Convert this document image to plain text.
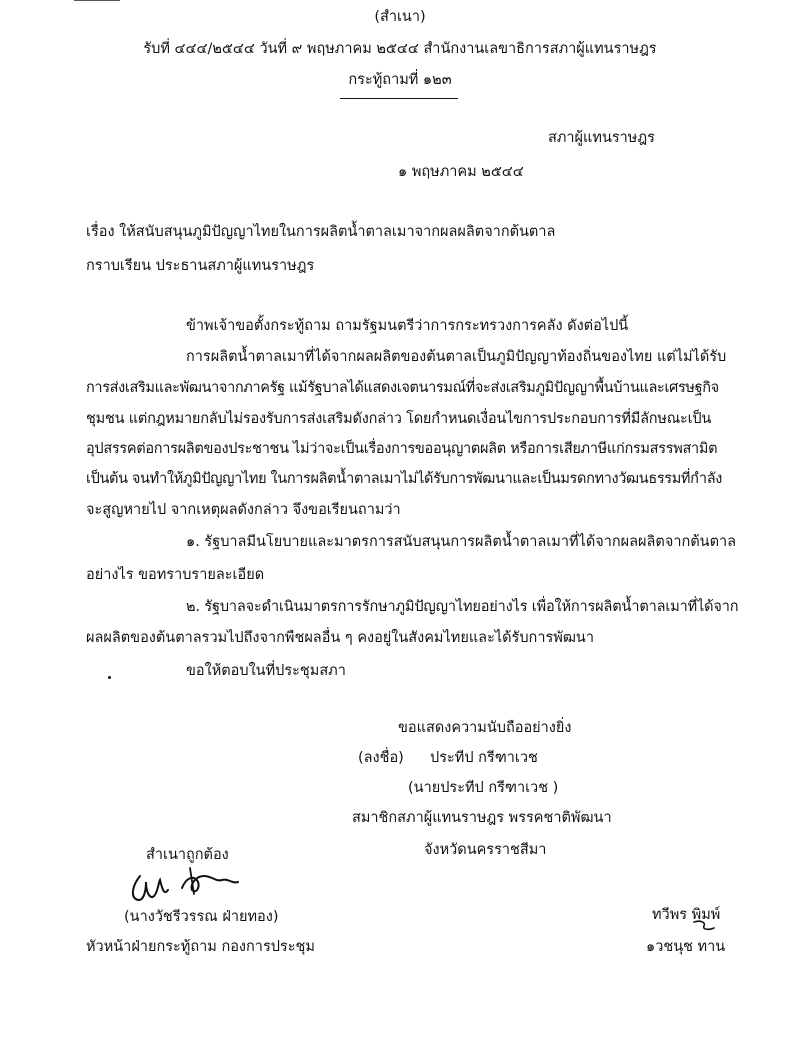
(สำเนา)
รับที่ ๔๔๔/๒๕๔๔ วันที่ ๙ พฤษภาคม ๒๕๔๔ สำนักงานเลขาธิการสภาผู้แทนราษฎร
กระทู้ถามที่ ๑๒๓
สภาผู้แทนราษฎร
๑ พฤษภาคม ๒๕๔๔
เรื่อง ให้สนับสนุนภูมิปัญญาไทยในการผลิตน้ำตาลเมาจากผลผลิตจากต้นตาล
กราบเรียน ประธานสภาผู้แทนราษฎร
ข้าพเจ้าขอตั้งกระทู้ถาม ถามรัฐมนตรีว่าการกระทรวงการคลัง ดังต่อไปนี้
การผลิตน้ำตาลเมาที่ได้จากผลผลิตของต้นตาลเป็นภูมิปัญญาท้องถิ่นของไทย แต่ไม่ได้รับ
การส่งเสริมและพัฒนาจากภาครัฐ แม้รัฐบาลได้แสดงเจตนารมณ์ที่จะส่งเสริมภูมิปัญญาพื้นบ้านและเศรษฐกิจ
ชุมชน แต่กฎหมายกลับไม่รองรับการส่งเสริมดังกล่าว โดยกำหนดเงื่อนไขการประกอบการที่มีลักษณะเป็น
อุปสรรคต่อการผลิตของประชาชน ไม่ว่าจะเป็นเรื่องการขออนุญาตผลิต หรือการเสียภาษีแก่กรมสรรพสามิต
เป็นต้น จนทำให้ภูมิปัญญาไทย ในการผลิตน้ำตาลเมาไม่ได้รับการพัฒนาและเป็นมรดกทางวัฒนธรรมที่กำลัง
จะสูญหายไป จากเหตุผลดังกล่าว จึงขอเรียนถามว่า
๑. รัฐบาลมีนโยบายและมาตรการสนับสนุนการผลิตน้ำตาลเมาที่ได้จากผลผลิตจากต้นตาล
อย่างไร ขอทราบรายละเอียด
๒. รัฐบาลจะดำเนินมาตรการรักษาภูมิปัญญาไทยอย่างไร เพื่อให้การผลิตน้ำตาลเมาที่ได้จาก
ผลผลิตของต้นตาลรวมไปถึงจากพืชผลอื่น ๆ คงอยู่ในสังคมไทยและได้รับการพัฒนา
ขอให้ตอบในที่ประชุมสภา
ขอแสดงความนับถืออย่างยิ่ง
(ลงชื่อ) ประทีป กรีฑาเวช
(นายประทีป กรีฑาเวช )
สมาชิกสภาผู้แทนราษฎร พรรคชาติพัฒนา
จังหวัดนครราชสีมา
สำเนาถูกต้อง
(นางวัชรีวรรณ ฝ่ายทอง)
หัวหน้าฝ่ายกระทู้ถาม กองการประชุม
ทวีพร พิมพ์
๑วชนุช ทาน
